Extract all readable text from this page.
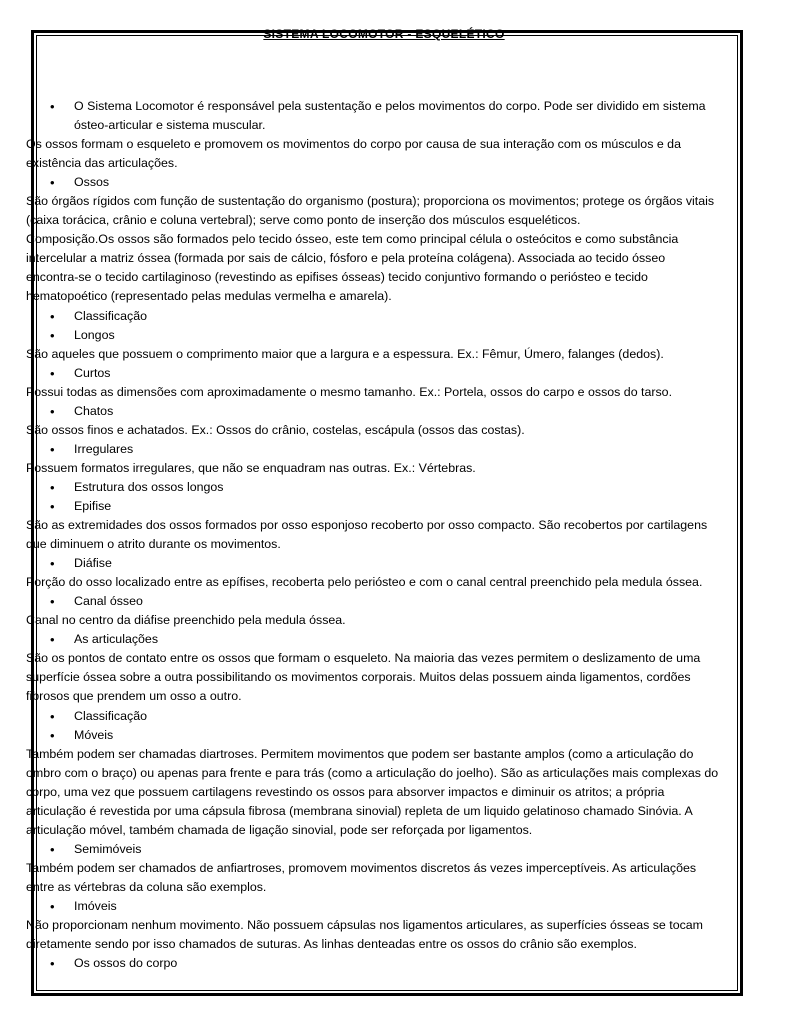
SISTEMA LOCOMOTOR - ESQUELÉTICO
• O Sistema Locomotor é responsável pela sustentação e pelos movimentos do corpo. Pode ser dividido em sistema
ósteo-articular e sistema muscular.
Os ossos formam o esqueleto e promovem os movimentos do corpo por causa de sua interação com os músculos e da
existência das articulações.
• Ossos
São órgãos rígidos com função de sustentação do organismo (postura); proporciona os movimentos; protege os órgãos vitais
(caixa torácica, crânio e coluna vertebral); serve como ponto de inserção dos músculos esqueléticos.
Composição.Os ossos são formados pelo tecido ósseo, este tem como principal célula o osteócitos e como substância
intercelular a matriz óssea (formada por sais de cálcio, fósforo e pela proteína colágena). Associada ao tecido ósseo
encontra-se o tecido cartilaginoso (revestindo as epifises ósseas) tecido conjuntivo formando o periósteo e tecido
hematopoético (representado pelas medulas vermelha e amarela).
• Classificação
• Longos
São aqueles que possuem o comprimento maior que a largura e a espessura. Ex.: Fêmur, Úmero, falanges (dedos).
• Curtos
Possui todas as dimensões com aproximadamente o mesmo tamanho. Ex.: Portela, ossos do carpo e ossos do tarso.
• Chatos
São ossos finos e achatados. Ex.: Ossos do crânio, costelas, escápula (ossos das costas).
• Irregulares
Possuem formatos irregulares, que não se enquadram nas outras. Ex.: Vértebras.
• Estrutura dos ossos longos
• Epifise
São as extremidades dos ossos formados por osso esponjoso recoberto por osso compacto. São recobertos por cartilagens
que diminuem o atrito durante os movimentos.
• Diáfise
Porção do osso localizado entre as epífises, recoberta pelo periósteo e com o canal central preenchido pela medula óssea.
• Canal ósseo
Canal no centro da diáfise preenchido pela medula óssea.
• As articulações
São os pontos de contato entre os ossos que formam o esqueleto. Na maioria das vezes permitem o deslizamento de uma
superfície óssea sobre a outra possibilitando os movimentos corporais. Muitos delas possuem ainda ligamentos, cordões
fibrosos que prendem um osso a outro.
• Classificação
• Móveis
Também podem ser chamadas diartroses. Permitem movimentos que podem ser bastante amplos (como a articulação do
ombro com o braço) ou apenas para frente e para trás (como a articulação do joelho). São as articulações mais complexas do
corpo, uma vez que possuem cartilagens revestindo os ossos para absorver impactos e diminuir os atritos; a própria
articulação é revestida por uma cápsula fibrosa (membrana sinovial) repleta de um liquido gelatinoso chamado Sinóvia. A
articulação móvel, também chamada de ligação sinovial, pode ser reforçada por ligamentos.
• Semimóveis
Também podem ser chamados de anfiartroses, promovem movimentos discretos ás vezes imperceptíveis. As articulações
entre as vértebras da coluna são exemplos.
• Imóveis
Não proporcionam nenhum movimento. Não possuem cápsulas nos ligamentos articulares, as superfícies ósseas se tocam
diretamente sendo por isso chamados de suturas. As linhas denteadas entre os ossos do crânio são exemplos.
• Os ossos do corpo
